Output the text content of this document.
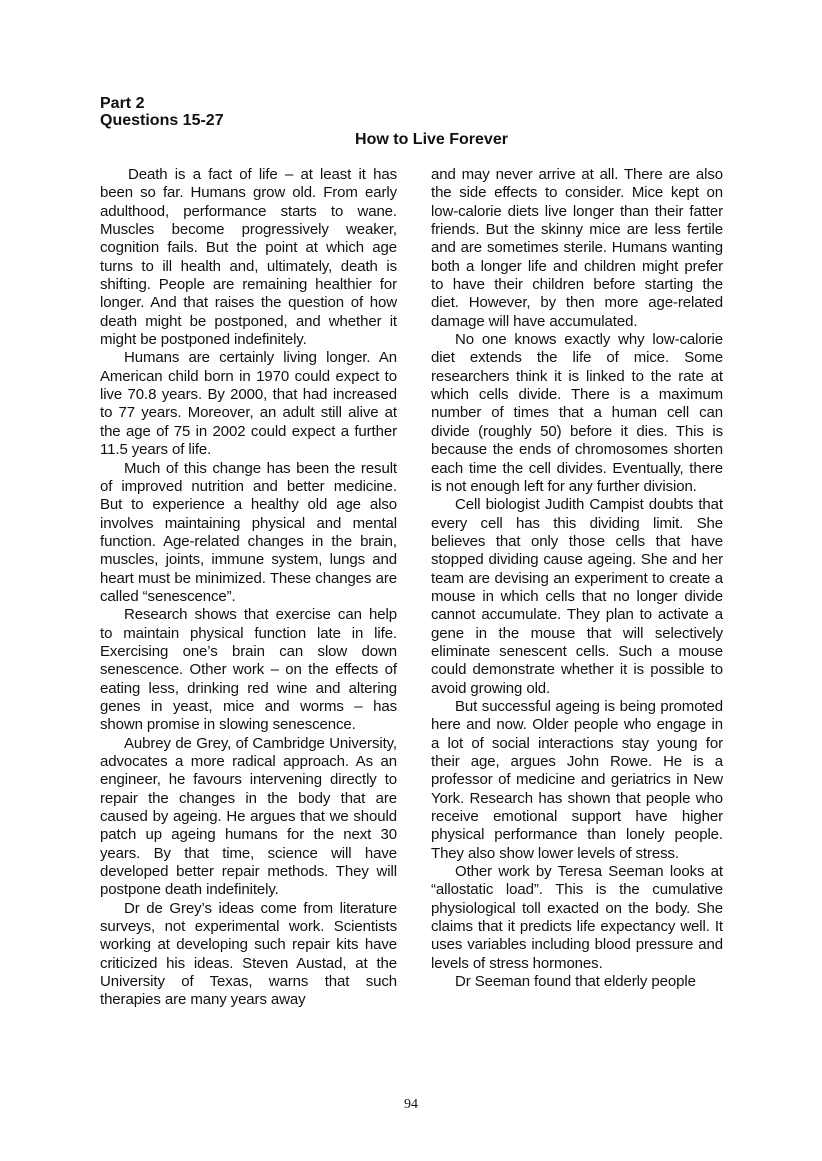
Part 2
Questions 15-27
How to Live Forever

Death is a fact of life – at least it has been so far. Humans grow old. From early adulthood, performance starts to wane. Muscles become progressively weaker, cognition fails. But the point at which age turns to ill health and, ultimately, death is shifting. People are remaining healthier for longer. And that raises the question of how death might be postponed, and whether it might be postponed indefinitely.

Humans are certainly living longer. An American child born in 1970 could expect to live 70.8 years. By 2000, that had increased to 77 years. Moreover, an adult still alive at the age of 75 in 2002 could expect a further 11.5 years of life.

Much of this change has been the result of improved nutrition and better medicine. But to experience a healthy old age also involves maintaining physical and mental function. Age-related changes in the brain, muscles, joints, immune system, lungs and heart must be minimized. These changes are called “senescence”.

Research shows that exercise can help to maintain physical function late in life. Exercising one’s brain can slow down senescence. Other work – on the effects of eating less, drinking red wine and altering genes in yeast, mice and worms – has shown promise in slowing senescence.

Aubrey de Grey, of Cambridge University, advocates a more radical approach. As an engineer, he favours intervening directly to repair the changes in the body that are caused by ageing. He argues that we should patch up ageing humans for the next 30 years. By that time, science will have developed better repair methods. They will postpone death indefinitely.

Dr de Grey’s ideas come from literature surveys, not experimental work. Scientists working at developing such repair kits have criticized his ideas. Steven Austad, at the University of Texas, warns that such therapies are many years away

and may never arrive at all. There are also the side effects to consider. Mice kept on low-calorie diets live longer than their fatter friends. But the skinny mice are less fertile and are sometimes sterile. Humans wanting both a longer life and children might prefer to have their children before starting the diet. However, by then more age-related damage will have accumulated.

No one knows exactly why low-calorie diet extends the life of mice. Some researchers think it is linked to the rate at which cells divide. There is a maximum number of times that a human cell can divide (roughly 50) before it dies. This is because the ends of chromosomes shorten each time the cell divides. Eventually, there is not enough left for any further division.

Cell biologist Judith Campist doubts that every cell has this dividing limit. She believes that only those cells that have stopped dividing cause ageing. She and her team are devising an experiment to create a mouse in which cells that no longer divide cannot accumulate. They plan to activate a gene in the mouse that will selectively eliminate senescent cells. Such a mouse could demonstrate whether it is possible to avoid growing old.

But successful ageing is being promoted here and now. Older people who engage in a lot of social interactions stay young for their age, argues John Rowe. He is a professor of medicine and geriatrics in New York. Research has shown that people who receive emotional support have higher physical performance than lonely people. They also show lower levels of stress.

Other work by Teresa Seeman looks at “allostatic load”. This is the cumulative physiological toll exacted on the body. She claims that it predicts life expectancy well. It uses variables including blood pressure and levels of stress hormones.

Dr Seeman found that elderly people

94
